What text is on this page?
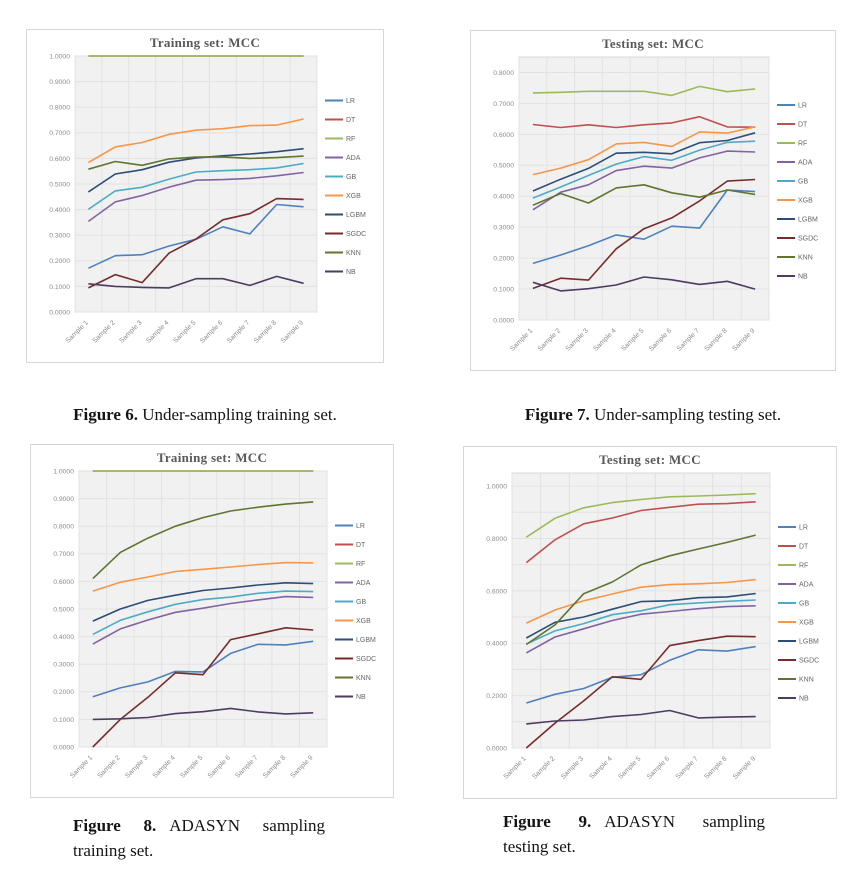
Training set: MCC
0.0000
0.1000
0.2000
0.3000
0.4000
0.5000
0.6000
0.7000
0.8000
0.9000
1.0000
Sample 1 Sample 2 Sample 3 Sample 4 Sample 5 Sample 6 Sample 7 Sample 8 Sample 9
LR
DT
RF
ADA
GB
XGB
LGBM
SGDC
KNN
NB
Testing set: MCC
0.0000
0.1000
0.2000
0.3000
0.4000
0.5000
0.6000
0.7000
0.8000
Sample 1 Sample 2 Sample 3 Sample 4 Sample 5 Sample 6 Sample 7 Sample 8 Sample 9
LR
DT
RF
ADA
GB
XGB
LGBM
SGDC
KNN
NB
Figure 6. Under-sampling training set.	Figure 7. Under-sampling testing set.
Training set: MCC
0.0000
0.1000
0.2000
0.3000
0.4000
0.5000
0.6000
0.7000
0.8000
0.9000
1.0000
Sample 1 Sample 2 Sample 3 Sample 4 Sample 5 Sample 6 Sample 7 Sample 8 Sample 9
LR
DT
RF
ADA
GB
XGB
LGBM
SGDC
KNN
NB
Testing set: MCC
0.0000
0.2000
0.4000
0.6000
0.8000
1.0000
Sample 1 Sample 2 Sample 3 Sample 4 Sample 5 Sample 6 Sample 7 Sample 8 Sample 9
LR
DT
RF
ADA
GB
XGB
LGBM
SGDC
KNN
NB
Figure 8. ADASYN sampling training set.
Figure 9. ADASYN sampling testing set.
